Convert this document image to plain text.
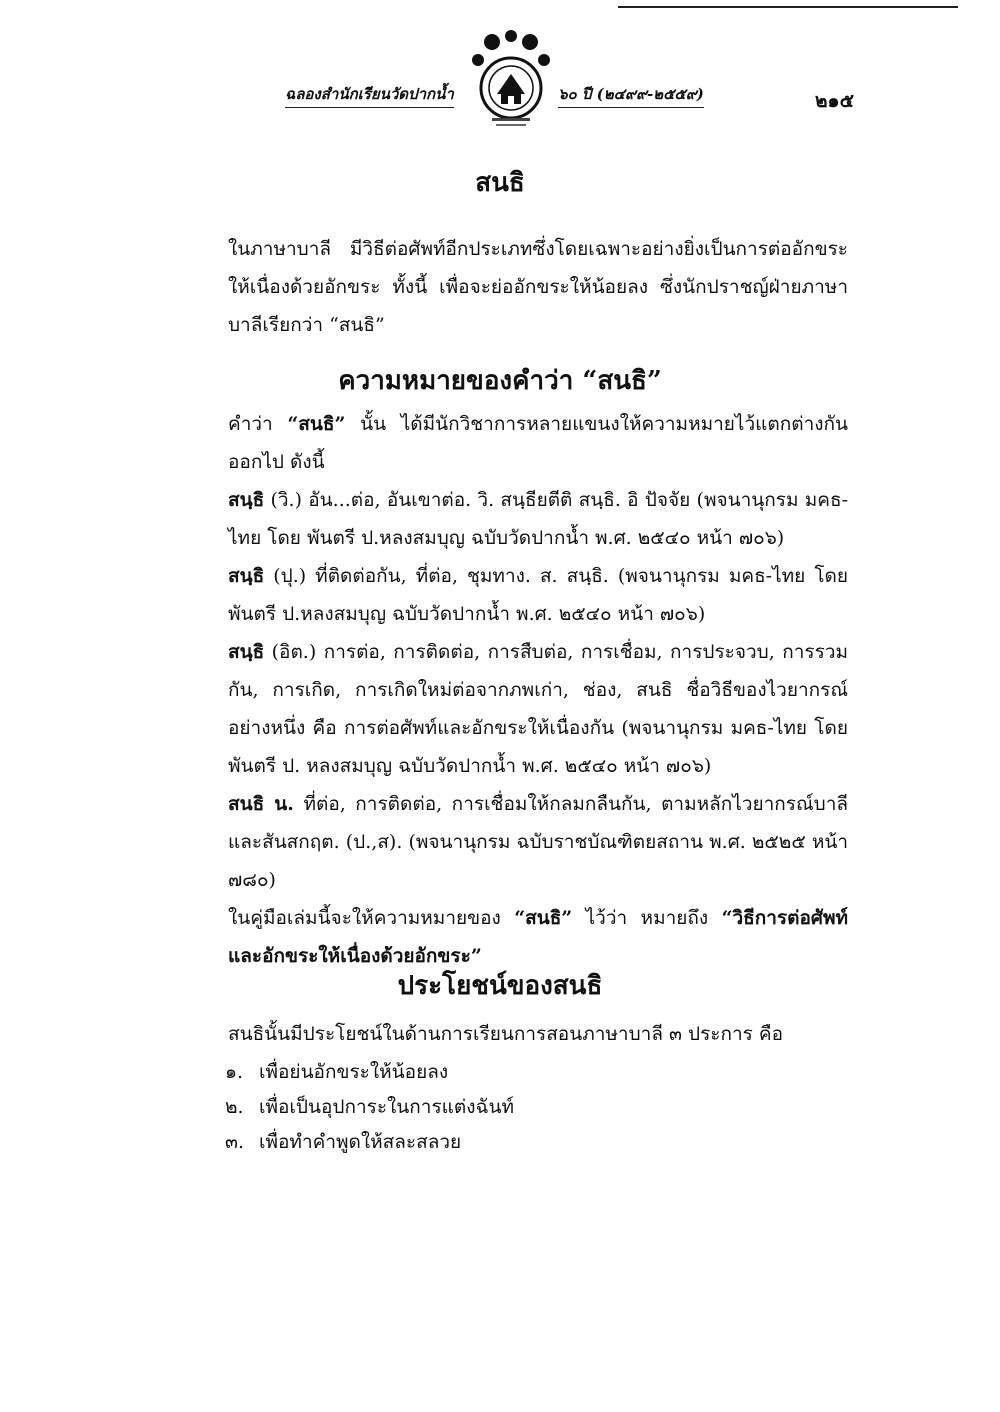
ฉลองสำนักเรียนวัดปากน้ำ	๖๐ ปี (๒๔๙๙-๒๕๕๙)	๒๑๕
สนธิ
ในภาษาบาลี มีวิธีต่อศัพท์อีกประเภทซึ่งโดยเฉพาะอย่างยิ่งเป็นการต่ออักขระให้เนื่องด้วยอักขระ ทั้งนี้ เพื่อจะย่ออักขระให้น้อยลง ซึ่งนักปราชญ์ฝ่ายภาษาบาลีเรียกว่า “สนธิ”
ความหมายของคำว่า “สนธิ”
คำว่า “สนธิ” นั้น ได้มีนักวิชาการหลายแขนงให้ความหมายไว้แตกต่างกันออกไป ดังนี้
สนฺธิ (วิ.) อัน...ต่อ, อันเขาต่อ. วิ. สนฺธียตีติ สนฺธิ. อิ ปัจจัย (พจนานุกรม มคธ-ไทย โดย พันตรี ป.หลงสมบุญ ฉบับวัดปากน้ำ พ.ศ. ๒๕๔๐ หน้า ๗๐๖)
สนฺธิ (ปุ.) ที่ติดต่อกัน, ที่ต่อ, ชุมทาง. ส. สนฺธิ. (พจนานุกรม มคธ-ไทย โดย พันตรี ป.หลงสมบุญ ฉบับวัดปากน้ำ พ.ศ. ๒๕๔๐ หน้า ๗๐๖)
สนฺธิ (อิต.) การต่อ, การติดต่อ, การสืบต่อ, การเชื่อม, การประจวบ, การรวมกัน, การเกิด, การเกิดใหม่ต่อจากภพเก่า, ช่อง, สนธิ ชื่อวิธีของไวยากรณ์อย่างหนึ่ง คือ การต่อศัพท์และอักขระให้เนื่องกัน (พจนานุกรม มคธ-ไทย โดย พันตรี ป. หลงสมบุญ ฉบับวัดปากน้ำ พ.ศ. ๒๕๔๐ หน้า ๗๐๖)
สนธิ น. ที่ต่อ, การติดต่อ, การเชื่อมให้กลมกลืนกัน, ตามหลักไวยากรณ์บาลีและสันสกฤต. (ป.,ส). (พจนานุกรม ฉบับราชบัณฑิตยสถาน พ.ศ. ๒๕๒๕ หน้า ๗๘๐)
ในคู่มือเล่มนี้จะให้ความหมายของ “สนธิ” ไว้ว่า หมายถึง “วิธีการต่อศัพท์และอักขระให้เนื่องด้วยอักขระ”
ประโยชน์ของสนธิ
สนธินั้นมีประโยชน์ในด้านการเรียนการสอนภาษาบาลี ๓ ประการ คือ
๑. เพื่อย่นอักขระให้น้อยลง
๒. เพื่อเป็นอุปการะในการแต่งฉันท์
๓. เพื่อทำคำพูดให้สละสลวย
